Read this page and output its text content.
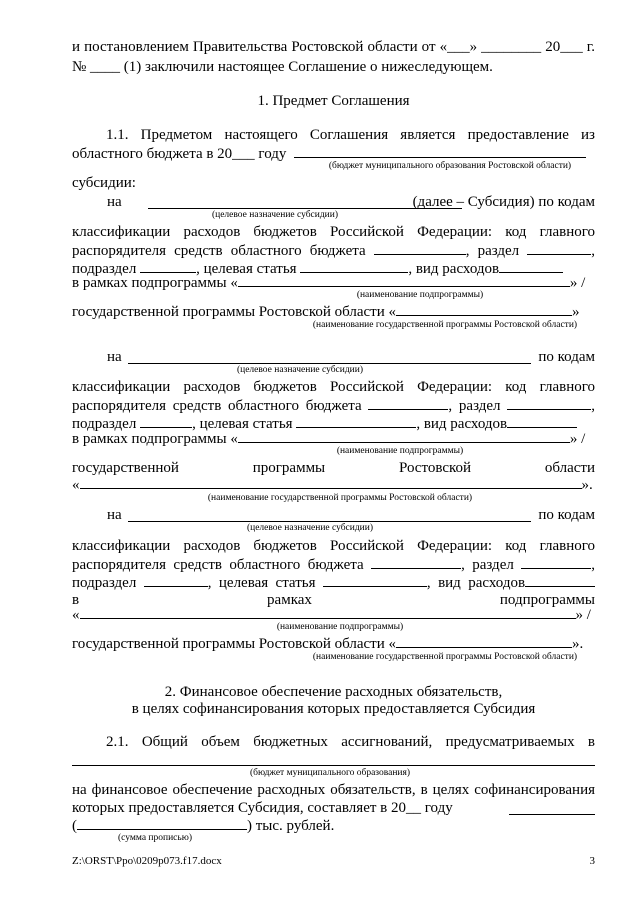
и постановлением Правительства Ростовской области от «___» ________ 20___ г.
№ ____ (1) заключили настоящее Соглашение о нижеследующем.
1. Предмет Соглашения
1.1. Предметом настоящего Соглашения является предоставление из
областного бюджета в 20___ году
(бюджет муниципального образования Ростовской области)
субсидии:
на	(далее – Субсидия) по кодам
(целевое назначение субсидии)
классификации расходов бюджетов Российской Федерации: код главного
распорядителя средств областного бюджета	, раздел	,
подраздел	, целевая статья	, вид расходов
в рамках подпрограммы «	» /
(наименование подпрограммы)
государственной программы Ростовской области «	»
(наименование государственной программы Ростовской области)
на	по кодам
(целевое назначение субсидии)
классификации расходов бюджетов Российской Федерации: код главного
распорядителя средств областного бюджета	, раздел	,
подраздел	, целевая статья	, вид расходов
в рамках подпрограммы «	» /
(наименование подпрограммы)
государственной	программы	Ростовской	области
«	».
(наименование государственной программы Ростовской области)
на	по кодам
(целевое назначение субсидии)
классификации расходов бюджетов Российской Федерации: код главного
распорядителя средств областного бюджета	, раздел	,
подраздел	, целевая статья	, вид расходов
в	рамках	подпрограммы
«	» /
(наименование подпрограммы)
государственной программы Ростовской области «	».
(наименование государственной программы Ростовской области)
2. Финансовое обеспечение расходных обязательств,
в целях софинансирования которых предоставляется Субсидия
2.1. Общий объем бюджетных ассигнований, предусматриваемых в
(бюджет муниципального образования)
на финансовое обеспечение расходных обязательств, в целях софинансирования
которых предоставляется Субсидия, составляет в 20__ году
(	) тыс. рублей.
(сумма прописью)
Z:\ORST\Ppo\0209p073.f17.docx	3
